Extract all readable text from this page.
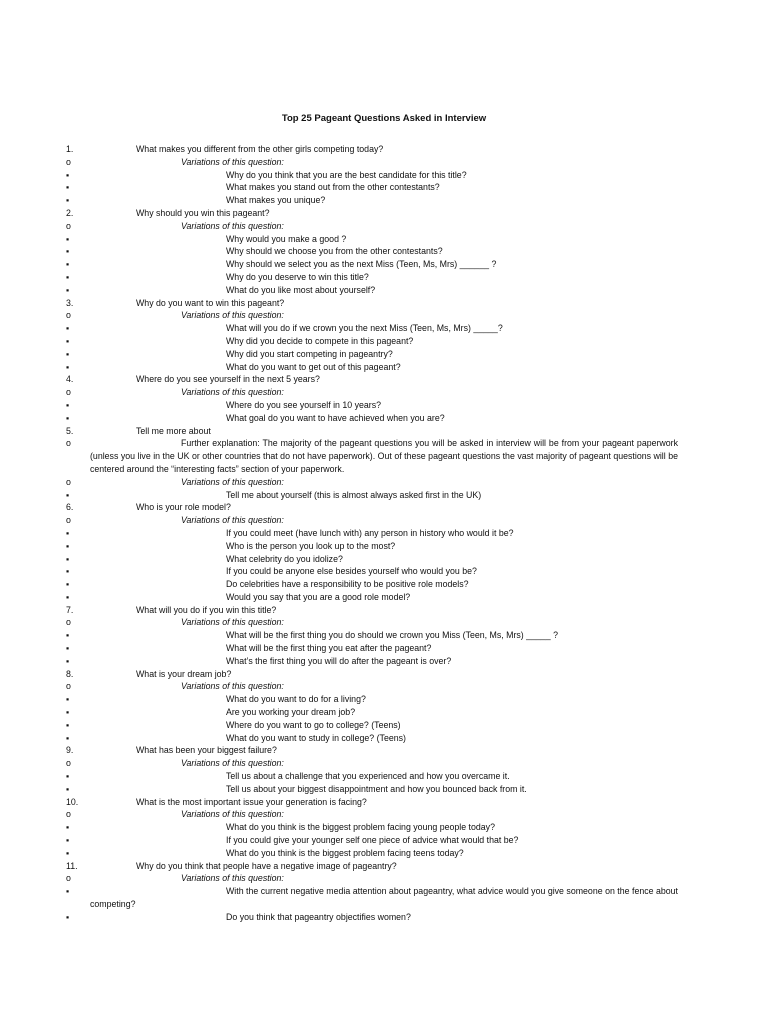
Top 25 Pageant Questions Asked in Interview
1.	What makes you different from the other girls competing today?
o	Variations of this question:
▪	Why do you think that you are the best candidate for this title?
▪	What makes you stand out from the other contestants?
▪	What makes you unique?
2.	Why should you win this pageant?
o	Variations of this question:
▪	Why would you make a good ?
▪	Why should we choose you from the other contestants?
▪	Why should we select you as the next Miss (Teen, Ms, Mrs) ______ ?
▪	Why do you deserve to win this title?
▪	What do you like most about yourself?
3.	Why do you want to win this pageant?
o	Variations of this question:
▪	What will you do if we crown you the next Miss (Teen, Ms, Mrs) _____?
▪	Why did you decide to compete in this pageant?
▪	Why did you start competing in pageantry?
▪	What do you want to get out of this pageant?
4.	Where do you see yourself in the next 5 years?
o	Variations of this question:
▪	Where do you see yourself in 10 years?
▪	What goal do you want to have achieved when you are?
5.	Tell me more about
o	Further explanation: The majority of the pageant questions you will be asked in interview will be from your pageant paperwork (unless you live in the UK or other countries that do not have paperwork). Out of these pageant questions the vast majority of pageant questions will be centered around the “interesting facts” section of your paperwork.
o	Variations of this question:
▪	Tell me about yourself (this is almost always asked first in the UK)
6.	Who is your role model?
o	Variations of this question:
▪	If you could meet (have lunch with) any person in history who would it be?
▪	Who is the person you look up to the most?
▪	What celebrity do you idolize?
▪	If you could be anyone else besides yourself who would you be?
▪	Do celebrities have a responsibility to be positive role models?
▪	Would you say that you are a good role model?
7.	What will you do if you win this title?
o	Variations of this question:
▪	What will be the first thing you do should we crown you Miss (Teen, Ms, Mrs) _____ ?
▪	What will be the first thing you eat after the pageant?
▪	What’s the first thing you will do after the pageant is over?
8.	What is your dream job?
o	Variations of this question:
▪	What do you want to do for a living?
▪	Are you working your dream job?
▪	Where do you want to go to college? (Teens)
▪	What do you want to study in college? (Teens)
9.	What has been your biggest failure?
o	Variations of this question:
▪	Tell us about a challenge that you experienced and how you overcame it.
▪	Tell us about your biggest disappointment and how you bounced back from it.
10.	What is the most important issue your generation is facing?
o	Variations of this question:
▪	What do you think is the biggest problem facing young people today?
▪	If you could give your younger self one piece of advice what would that be?
▪	What do you think is the biggest problem facing teens today?
11.	Why do you think that people have a negative image of pageantry?
o	Variations of this question:
▪	With the current negative media attention about pageantry, what advice would you give someone on the fence about competing?
▪	Do you think that pageantry objectifies women?
